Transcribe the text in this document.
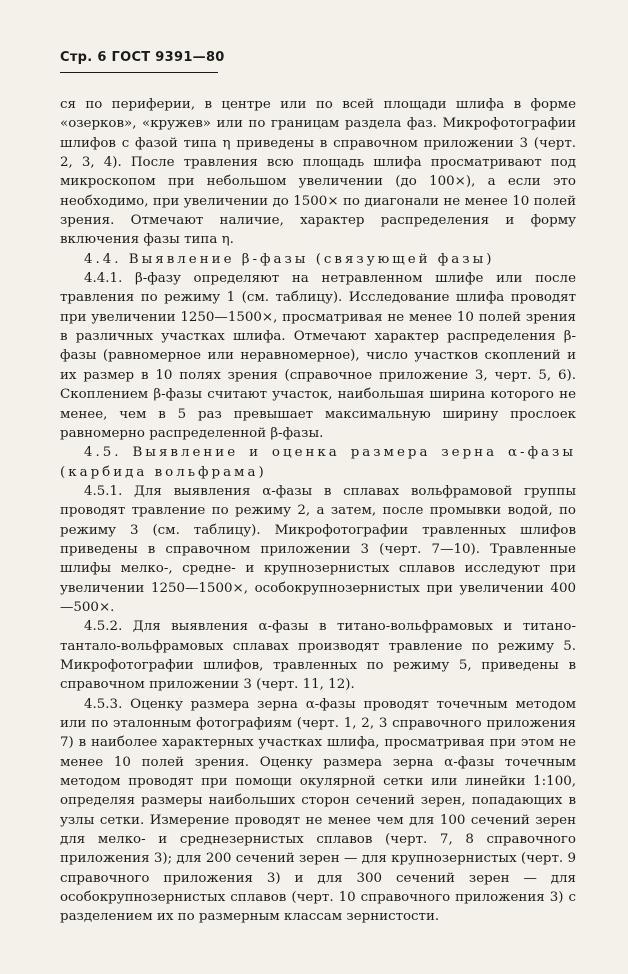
Стр. 6 ГОСТ 9391—80

ся по периферии, в центре или по всей площади шлифа в форме «озерков», «кружев» или по границам раздела фаз. Микрофотографии шлифов с фазой типа η приведены в справочном приложении 3 (черт. 2, 3, 4). После травления всю площадь шлифа просматривают под микроскопом при небольшом увеличении (до 100×), а если это необходимо, при увеличении до 1500× по диагонали не менее 10 полей зрения. Отмечают наличие, характер распределения и форму включения фазы типа η.

4.4. Выявление β-фазы (связующей фазы)

4.4.1. β-фазу определяют на нетравленном шлифе или после травления по режиму 1 (см. таблицу). Исследование шлифа проводят при увеличении 1250—1500×, просматривая не менее 10 полей зрения в различных участках шлифа. Отмечают характер распределения β-фазы (равномерное или неравномерное), число участков скоплений и их размер в 10 полях зрения (справочное приложение 3, черт. 5, 6). Скоплением β-фазы считают участок, наибольшая ширина которого не менее, чем в 5 раз превышает максимальную ширину прослоек равномерно распределенной β-фазы.

4.5. Выявление и оценка размера зерна α-фазы (карбида вольфрама)

4.5.1. Для выявления α-фазы в сплавах вольфрамовой группы проводят травление по режиму 2, а затем, после промывки водой, по режиму 3 (см. таблицу). Микрофотографии травленных шлифов приведены в справочном приложении 3 (черт. 7—10). Травленные шлифы мелко-, средне- и крупнозернистых сплавов исследуют при увеличении 1250—1500×, особокрупнозернистых при увеличении 400—500×.

4.5.2. Для выявления α-фазы в титано-вольфрамовых и титано-тантало-вольфрамовых сплавах производят травление по режиму 5. Микрофотографии шлифов, травленных по режиму 5, приведены в справочном приложении 3 (черт. 11, 12).

4.5.3. Оценку размера зерна α-фазы проводят точечным методом или по эталонным фотографиям (черт. 1, 2, 3 справочного приложения 7) в наиболее характерных участках шлифа, просматривая при этом не менее 10 полей зрения. Оценку размера зерна α-фазы точечным методом проводят при помощи окулярной сетки или линейки 1:100, определяя размеры наибольших сторон сечений зерен, попадающих в узлы сетки. Измерение проводят не менее чем для 100 сечений зерен для мелко- и среднезернистых сплавов (черт. 7, 8 справочного приложения 3); для 200 сечений зерен — для крупнозернистых (черт. 9 справочного приложения 3) и для 300 сечений зерен — для особокрупнозернистых сплавов (черт. 10 справочного приложения 3) с разделением их по размерным классам зернистости.
